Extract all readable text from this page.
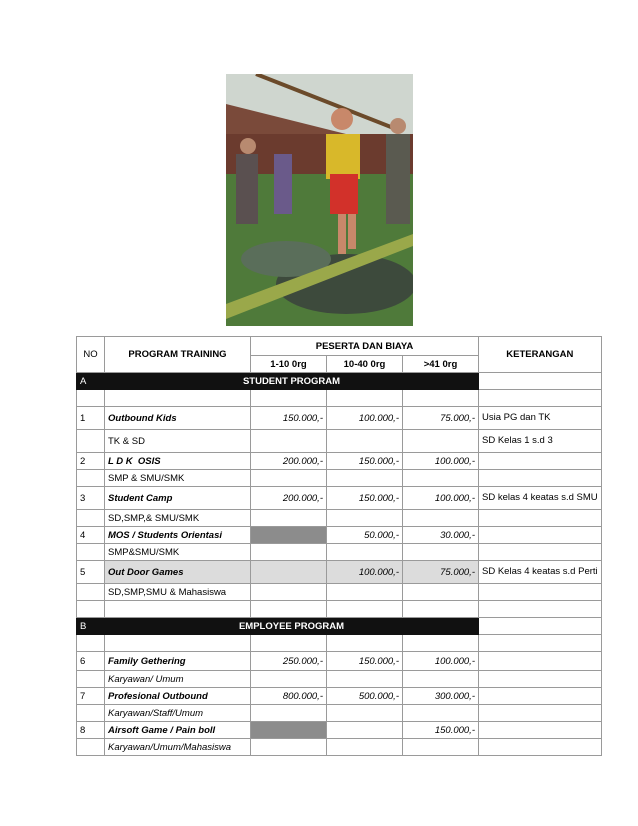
NO	PROGRAM TRAINING	PESERTA DAN BIAYA			KETERANGAN
		1-10 0rg	10-40 0rg	>41 0rg	
A	STUDENT PROGRAM				

1	Outbound Kids	150.000,-	100.000,-	75.000,-	Usia PG dan TK
	TK & SD				SD Kelas 1 s.d 3
2	L D K  OSIS	200.000,-	150.000,-	100.000,-	
	SMP & SMU/SMK				
3	Student Camp	200.000,-	150.000,-	100.000,-	SD kelas 4 keatas s.d SMU
	SD,SMP,& SMU/SMK				
4	MOS / Students Orientasi		50.000,-	30.000,-	
	SMP&SMU/SMK				
5	Out Door Games		100.000,-	75.000,-	SD Kelas 4 keatas s.d Perti
	SD,SMP,SMU & Mahasiswa				

B	EMPLOYEE PROGRAM				

6	Family Gethering	250.000,-	150.000,-	100.000,-	
	Karyawan/ Umum				
7	Profesional Outbound	800.000,-	500.000,-	300.000,-	
	Karyawan/Staff/Umum				
8	Airsoft Game / Pain boll			150.000,-	
	Karyawan/Umum/Mahasiswa				
